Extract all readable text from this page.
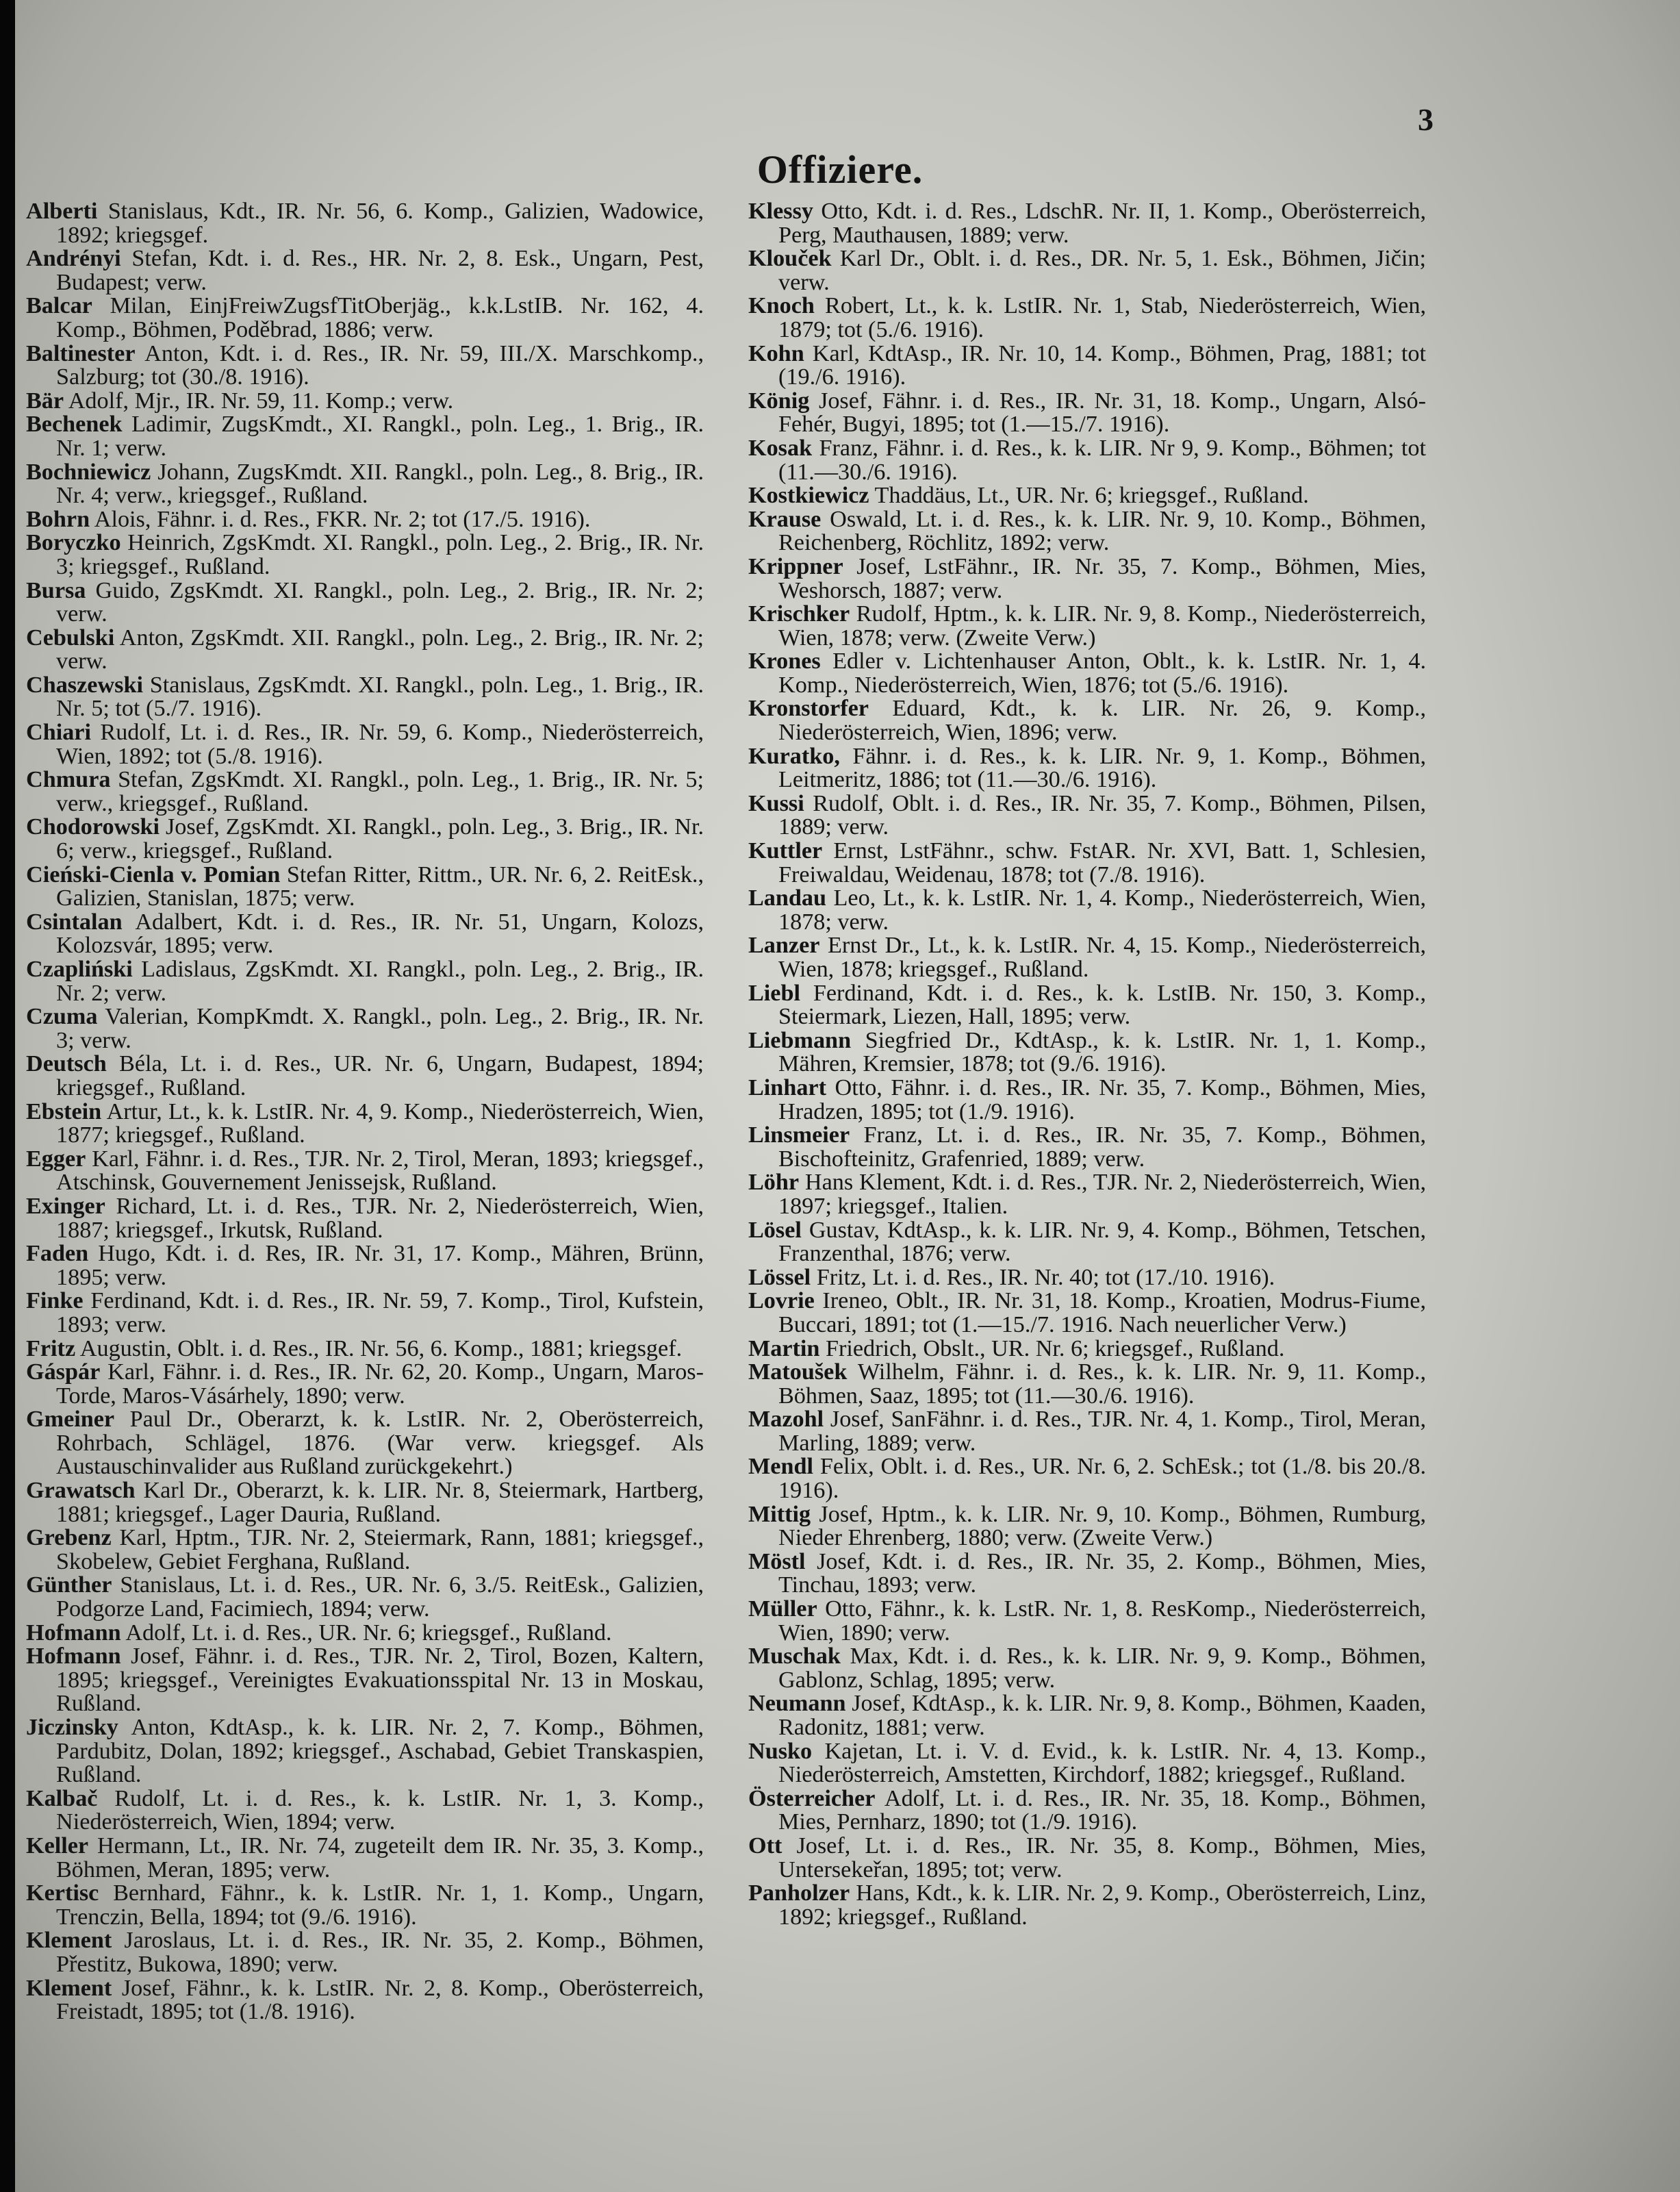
3
Offiziere.
Alberti Stanislaus, Kdt., IR. Nr. 56, 6. Komp., Galizien, Wadowice, 1892; kriegsgef.
Andrényi Stefan, Kdt. i. d. Res., HR. Nr. 2, 8. Esk., Ungarn, Pest, Budapest; verw.
Balcar Milan, EinjFreiwZugsfTitOberjäg., k.k.LstIB. Nr. 162, 4. Komp., Böhmen, Poděbrad, 1886; verw.
Baltinester Anton, Kdt. i. d. Res., IR. Nr. 59, III./X. Marschkomp., Salzburg; tot (30./8. 1916).
Bär Adolf, Mjr., IR. Nr. 59, 11. Komp.; verw.
Bechenek Ladimir, ZugsKmdt., XI. Rangkl., poln. Leg., 1. Brig., IR. Nr. 1; verw.
Bochniewicz Johann, ZugsKmdt. XII. Rangkl., poln. Leg., 8. Brig., IR. Nr. 4; verw., kriegsgef., Rußland.
Bohrn Alois, Fähnr. i. d. Res., FKR. Nr. 2; tot (17./5. 1916).
Boryczko Heinrich, ZgsKmdt. XI. Rangkl., poln. Leg., 2. Brig., IR. Nr. 3; kriegsgef., Rußland.
Bursa Guido, ZgsKmdt. XI. Rangkl., poln. Leg., 2. Brig., IR. Nr. 2; verw.
Cebulski Anton, ZgsKmdt. XII. Rangkl., poln. Leg., 2. Brig., IR. Nr. 2; verw.
Chaszewski Stanislaus, ZgsKmdt. XI. Rangkl., poln. Leg., 1. Brig., IR. Nr. 5; tot (5./7. 1916).
Chiari Rudolf, Lt. i. d. Res., IR. Nr. 59, 6. Komp., Niederösterreich, Wien, 1892; tot (5./8. 1916).
Chmura Stefan, ZgsKmdt. XI. Rangkl., poln. Leg., 1. Brig., IR. Nr. 5; verw., kriegsgef., Rußland.
Chodorowski Josef, ZgsKmdt. XI. Rangkl., poln. Leg., 3. Brig., IR. Nr. 6; verw., kriegsgef., Rußland.
Cieński-Cienla v. Pomian Stefan Ritter, Rittm., UR. Nr. 6, 2. ReitEsk., Galizien, Stanislan, 1875; verw.
Csintalan Adalbert, Kdt. i. d. Res., IR. Nr. 51, Ungarn, Kolozs, Kolozsvár, 1895; verw.
Czapliński Ladislaus, ZgsKmdt. XI. Rangkl., poln. Leg., 2. Brig., IR. Nr. 2; verw.
Czuma Valerian, KompKmdt. X. Rangkl., poln. Leg., 2. Brig., IR. Nr. 3; verw.
Deutsch Béla, Lt. i. d. Res., UR. Nr. 6, Ungarn, Budapest, 1894; kriegsgef., Rußland.
Ebstein Artur, Lt., k. k. LstIR. Nr. 4, 9. Komp., Niederösterreich, Wien, 1877; kriegsgef., Rußland.
Egger Karl, Fähnr. i. d. Res., TJR. Nr. 2, Tirol, Meran, 1893; kriegsgef., Atschinsk, Gouvernement Jenissejsk, Rußland.
Exinger Richard, Lt. i. d. Res., TJR. Nr. 2, Niederösterreich, Wien, 1887; kriegsgef., Irkutsk, Rußland.
Faden Hugo, Kdt. i. d. Res, IR. Nr. 31, 17. Komp., Mähren, Brünn, 1895; verw.
Finke Ferdinand, Kdt. i. d. Res., IR. Nr. 59, 7. Komp., Tirol, Kufstein, 1893; verw.
Fritz Augustin, Oblt. i. d. Res., IR. Nr. 56, 6. Komp., 1881; kriegsgef.
Gáspár Karl, Fähnr. i. d. Res., IR. Nr. 62, 20. Komp., Ungarn, Maros-Torde, Maros-Vásárhely, 1890; verw.
Gmeiner Paul Dr., Oberarzt, k. k. LstIR. Nr. 2, Oberösterreich, Rohrbach, Schlägel, 1876. (War verw. kriegsgef. Als Austauschinvalider aus Rußland zurückgekehrt.)
Grawatsch Karl Dr., Oberarzt, k. k. LIR. Nr. 8, Steiermark, Hartberg, 1881; kriegsgef., Lager Dauria, Rußland.
Grebenz Karl, Hptm., TJR. Nr. 2, Steiermark, Rann, 1881; kriegsgef., Skobelew, Gebiet Ferghana, Rußland.
Günther Stanislaus, Lt. i. d. Res., UR. Nr. 6, 3./5. ReitEsk., Galizien, Podgorze Land, Facimiech, 1894; verw.
Hofmann Adolf, Lt. i. d. Res., UR. Nr. 6; kriegsgef., Rußland.
Hofmann Josef, Fähnr. i. d. Res., TJR. Nr. 2, Tirol, Bozen, Kaltern, 1895; kriegsgef., Vereinigtes Evakuationsspital Nr. 13 in Moskau, Rußland.
Jiczinsky Anton, KdtAsp., k. k. LIR. Nr. 2, 7. Komp., Böhmen, Pardubitz, Dolan, 1892; kriegsgef., Aschabad, Gebiet Transkaspien, Rußland.
Kalbač Rudolf, Lt. i. d. Res., k. k. LstIR. Nr. 1, 3. Komp., Niederösterreich, Wien, 1894; verw.
Keller Hermann, Lt., IR. Nr. 74, zugeteilt dem IR. Nr. 35, 3. Komp., Böhmen, Meran, 1895; verw.
Kertisc Bernhard, Fähnr., k. k. LstIR. Nr. 1, 1. Komp., Ungarn, Trenczin, Bella, 1894; tot (9./6. 1916).
Klement Jaroslaus, Lt. i. d. Res., IR. Nr. 35, 2. Komp., Böhmen, Přestitz, Bukowa, 1890; verw.
Klement Josef, Fähnr., k. k. LstIR. Nr. 2, 8. Komp., Oberösterreich, Freistadt, 1895; tot (1./8. 1916).
Klessy Otto, Kdt. i. d. Res., LdschR. Nr. II, 1. Komp., Oberösterreich, Perg, Mauthausen, 1889; verw.
Klouček Karl Dr., Oblt. i. d. Res., DR. Nr. 5, 1. Esk., Böhmen, Jičin; verw.
Knoch Robert, Lt., k. k. LstIR. Nr. 1, Stab, Niederösterreich, Wien, 1879; tot (5./6. 1916).
Kohn Karl, KdtAsp., IR. Nr. 10, 14. Komp., Böhmen, Prag, 1881; tot (19./6. 1916).
König Josef, Fähnr. i. d. Res., IR. Nr. 31, 18. Komp., Ungarn, Alsó-Fehér, Bugyi, 1895; tot (1.—15./7. 1916).
Kosak Franz, Fähnr. i. d. Res., k. k. LIR. Nr 9, 9. Komp., Böhmen; tot (11.—30./6. 1916).
Kostkiewicz Thaddäus, Lt., UR. Nr. 6; kriegsgef., Rußland.
Krause Oswald, Lt. i. d. Res., k. k. LIR. Nr. 9, 10. Komp., Böhmen, Reichenberg, Röchlitz, 1892; verw.
Krippner Josef, LstFähnr., IR. Nr. 35, 7. Komp., Böhmen, Mies, Weshorsch, 1887; verw.
Krischker Rudolf, Hptm., k. k. LIR. Nr. 9, 8. Komp., Niederösterreich, Wien, 1878; verw. (Zweite Verw.)
Krones Edler v. Lichtenhauser Anton, Oblt., k. k. LstIR. Nr. 1, 4. Komp., Niederösterreich, Wien, 1876; tot (5./6. 1916).
Kronstorfer Eduard, Kdt., k. k. LIR. Nr. 26, 9. Komp., Niederösterreich, Wien, 1896; verw.
Kuratko, Fähnr. i. d. Res., k. k. LIR. Nr. 9, 1. Komp., Böhmen, Leitmeritz, 1886; tot (11.—30./6. 1916).
Kussi Rudolf, Oblt. i. d. Res., IR. Nr. 35, 7. Komp., Böhmen, Pilsen, 1889; verw.
Kuttler Ernst, LstFähnr., schw. FstAR. Nr. XVI, Batt. 1, Schlesien, Freiwaldau, Weidenau, 1878; tot (7./8. 1916).
Landau Leo, Lt., k. k. LstIR. Nr. 1, 4. Komp., Niederösterreich, Wien, 1878; verw.
Lanzer Ernst Dr., Lt., k. k. LstIR. Nr. 4, 15. Komp., Niederösterreich, Wien, 1878; kriegsgef., Rußland.
Liebl Ferdinand, Kdt. i. d. Res., k. k. LstIB. Nr. 150, 3. Komp., Steiermark, Liezen, Hall, 1895; verw.
Liebmann Siegfried Dr., KdtAsp., k. k. LstIR. Nr. 1, 1. Komp., Mähren, Kremsier, 1878; tot (9./6. 1916).
Linhart Otto, Fähnr. i. d. Res., IR. Nr. 35, 7. Komp., Böhmen, Mies, Hradzen, 1895; tot (1./9. 1916).
Linsmeier Franz, Lt. i. d. Res., IR. Nr. 35, 7. Komp., Böhmen, Bischofteinitz, Grafenried, 1889; verw.
Löhr Hans Klement, Kdt. i. d. Res., TJR. Nr. 2, Niederösterreich, Wien, 1897; kriegsgef., Italien.
Lösel Gustav, KdtAsp., k. k. LIR. Nr. 9, 4. Komp., Böhmen, Tetschen, Franzenthal, 1876; verw.
Lössel Fritz, Lt. i. d. Res., IR. Nr. 40; tot (17./10. 1916).
Lovrie Ireneo, Oblt., IR. Nr. 31, 18. Komp., Kroatien, Modrus-Fiume, Buccari, 1891; tot (1.—15./7. 1916. Nach neuerlicher Verw.)
Martin Friedrich, Obslt., UR. Nr. 6; kriegsgef., Rußland.
Matoušek Wilhelm, Fähnr. i. d. Res., k. k. LIR. Nr. 9, 11. Komp., Böhmen, Saaz, 1895; tot (11.—30./6. 1916).
Mazohl Josef, SanFähnr. i. d. Res., TJR. Nr. 4, 1. Komp., Tirol, Meran, Marling, 1889; verw.
Mendl Felix, Oblt. i. d. Res., UR. Nr. 6, 2. SchEsk.; tot (1./8. bis 20./8. 1916).
Mittig Josef, Hptm., k. k. LIR. Nr. 9, 10. Komp., Böhmen, Rumburg, Nieder Ehrenberg, 1880; verw. (Zweite Verw.)
Möstl Josef, Kdt. i. d. Res., IR. Nr. 35, 2. Komp., Böhmen, Mies, Tinchau, 1893; verw.
Müller Otto, Fähnr., k. k. LstR. Nr. 1, 8. ResKomp., Niederösterreich, Wien, 1890; verw.
Muschak Max, Kdt. i. d. Res., k. k. LIR. Nr. 9, 9. Komp., Böhmen, Gablonz, Schlag, 1895; verw.
Neumann Josef, KdtAsp., k. k. LIR. Nr. 9, 8. Komp., Böhmen, Kaaden, Radonitz, 1881; verw.
Nusko Kajetan, Lt. i. V. d. Evid., k. k. LstIR. Nr. 4, 13. Komp., Niederösterreich, Amstetten, Kirchdorf, 1882; kriegsgef., Rußland.
Österreicher Adolf, Lt. i. d. Res., IR. Nr. 35, 18. Komp., Böhmen, Mies, Pernharz, 1890; tot (1./9. 1916).
Ott Josef, Lt. i. d. Res., IR. Nr. 35, 8. Komp., Böhmen, Mies, Untersekeřan, 1895; tot; verw.
Panholzer Hans, Kdt., k. k. LIR. Nr. 2, 9. Komp., Oberösterreich, Linz, 1892; kriegsgef., Rußland.
